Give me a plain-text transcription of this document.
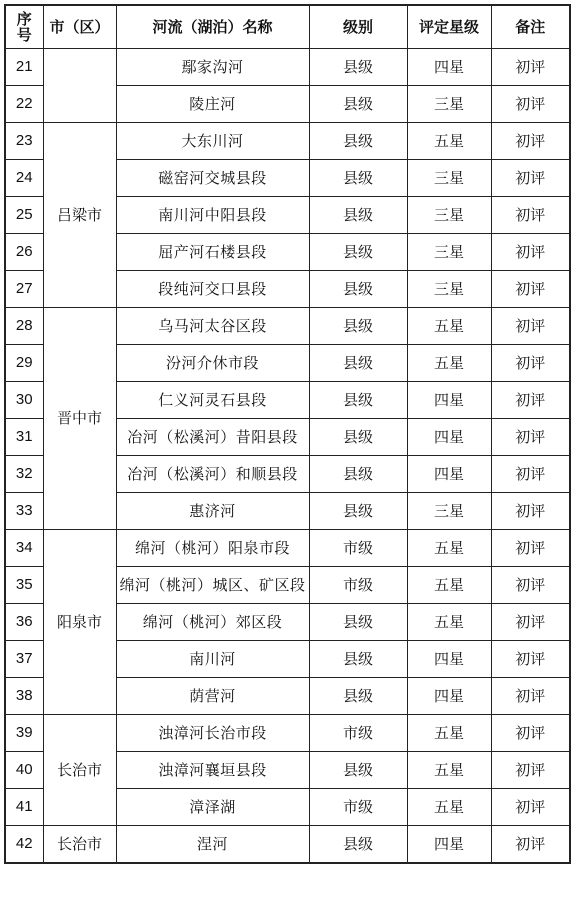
序
号	市（区）	河流（湖泊）名称	级别	评定星级	备注
21		鄢家沟河	县级	四星	初评
22		陵庄河	县级	三星	初评
23	吕梁市	大东川河	县级	五星	初评
24		磁窑河交城县段	县级	三星	初评
25		南川河中阳县段	县级	三星	初评
26		屈产河石楼县段	县级	三星	初评
27		段纯河交口县段	县级	三星	初评
28	晋中市	乌马河太谷区段	县级	五星	初评
29		汾河介休市段	县级	五星	初评
30		仁义河灵石县段	县级	四星	初评
31		冶河（松溪河）昔阳县段	县级	四星	初评
32		冶河（松溪河）和顺县段	县级	四星	初评
33		惠济河	县级	三星	初评
34	阳泉市	绵河（桃河）阳泉市段	市级	五星	初评
35		绵河（桃河）城区、矿区段	市级	五星	初评
36		绵河（桃河）郊区段	县级	五星	初评
37		南川河	县级	四星	初评
38		荫营河	县级	四星	初评
39	长治市	浊漳河长治市段	市级	五星	初评
40		浊漳河襄垣县段	县级	五星	初评
41		漳泽湖	市级	五星	初评
42	长治市	涅河	县级	四星	初评
